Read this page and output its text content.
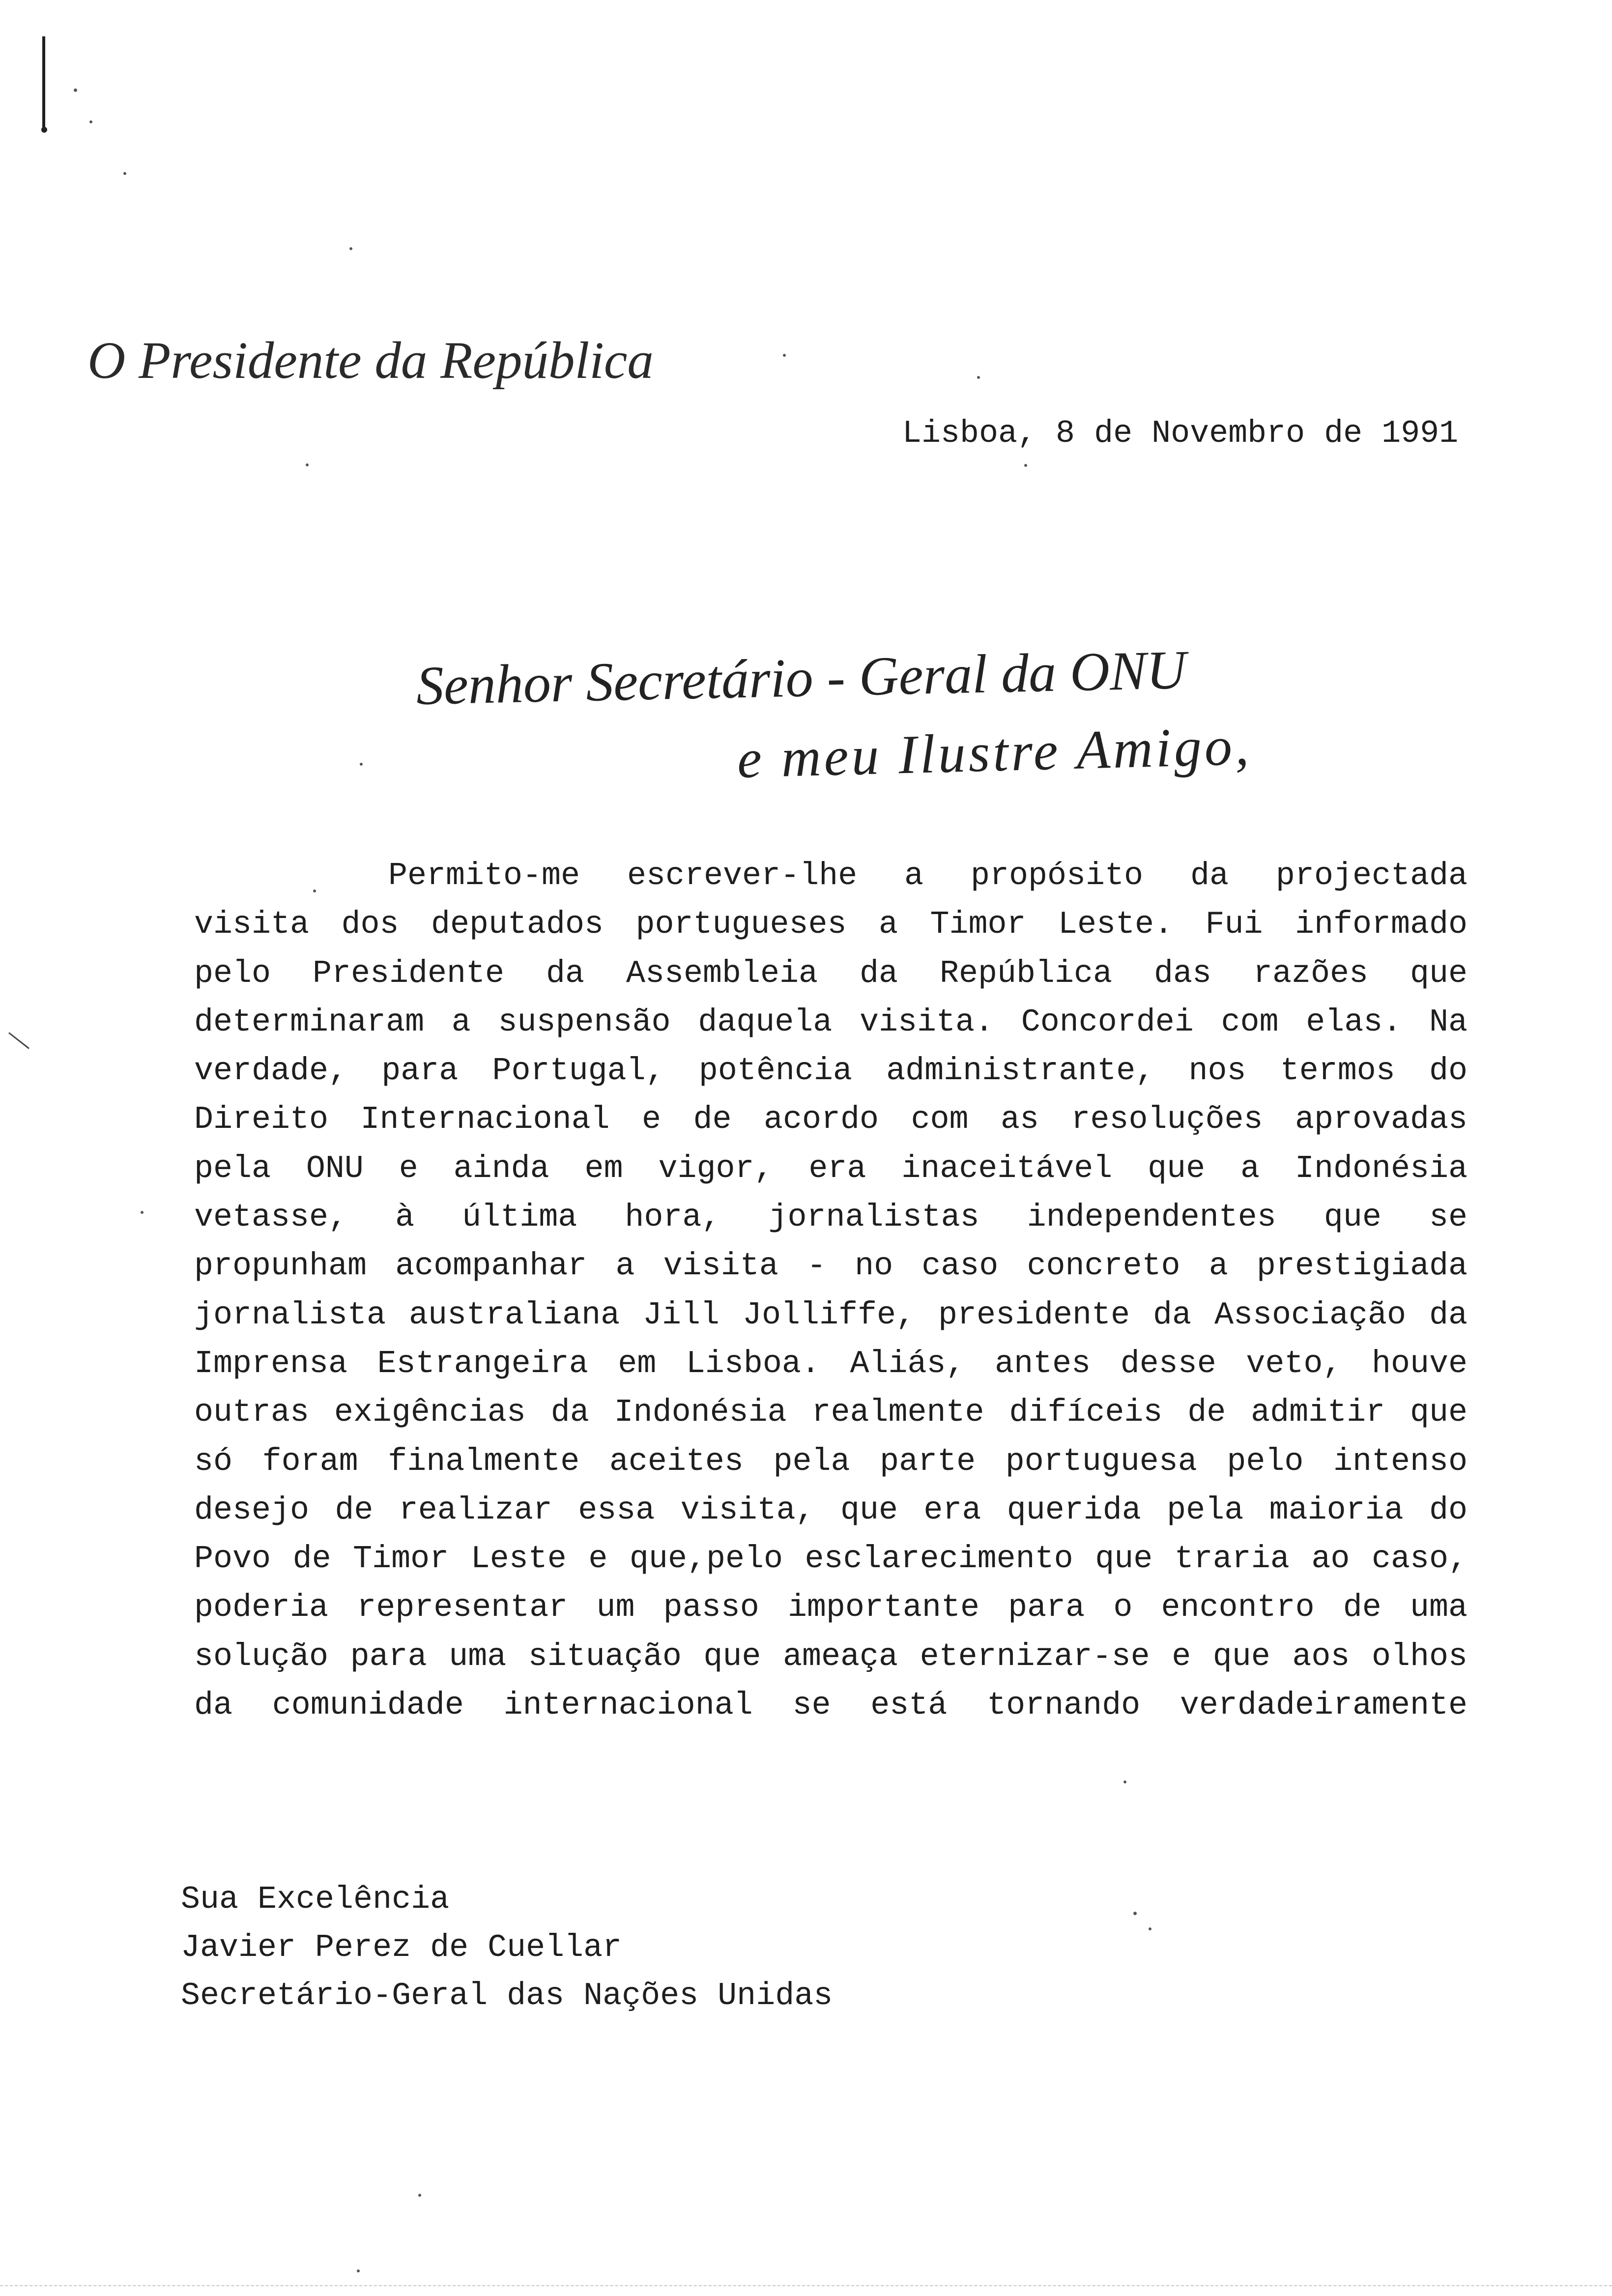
O Presidente da República
Lisboa, 8 de Novembro de 1991
Senhor Secretário - Geral da ONU
e meu Ilustre Amigo,
Permito-me escrever-lhe a propósito da projectada
visita dos deputados portugueses a Timor Leste. Fui informado
pelo Presidente da Assembleia da República das razões que
determinaram a suspensão daquela visita. Concordei com elas. Na
verdade, para Portugal, potência administrante, nos termos do
Direito Internacional e de acordo com as resoluções aprovadas
pela ONU e ainda em vigor, era inaceitável que a Indonésia
vetasse, à última hora, jornalistas independentes que se
propunham acompanhar a visita - no caso concreto a prestigiada
jornalista australiana Jill Jolliffe, presidente da Associação da
Imprensa Estrangeira em Lisboa. Aliás, antes desse veto, houve
outras exigências da Indonésia realmente difíceis de admitir que
só foram finalmente aceites pela parte portuguesa pelo intenso
desejo de realizar essa visita, que era querida pela maioria do
Povo de Timor Leste e que,pelo esclarecimento que traria ao caso,
poderia representar um passo importante para o encontro de uma
solução para uma situação que ameaça eternizar-se e que aos olhos
da comunidade internacional se está tornando verdadeiramente
Sua Excelência
Javier Perez de Cuellar
Secretário-Geral das Nações Unidas
